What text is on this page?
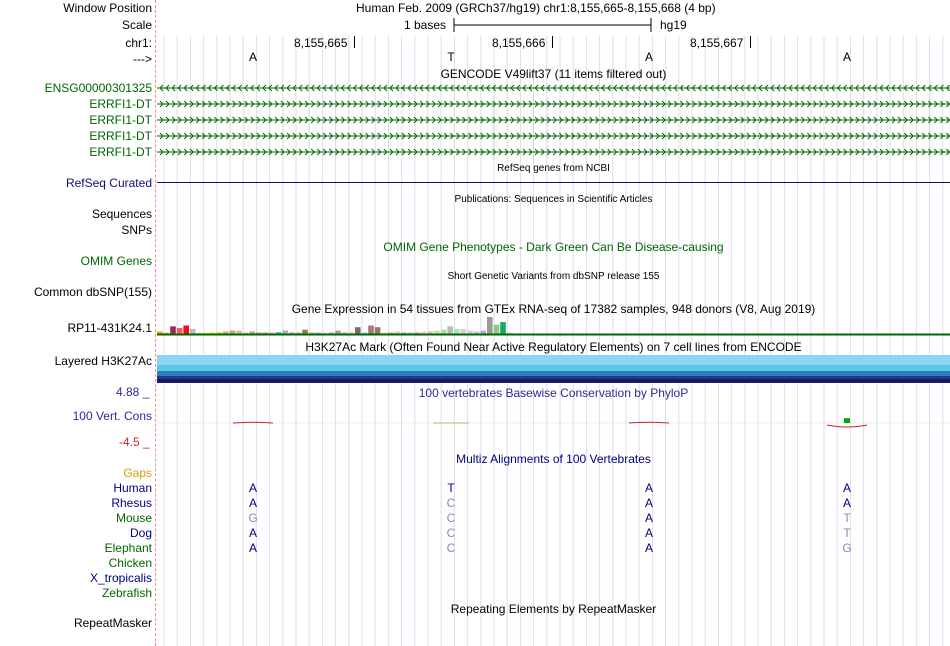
Window Position	Human Feb. 2009 (GRCh37/hg19) chr1:8,155,665-8,155,668 (4 bp)
Scale	1 bases	hg19
chr1:	8,155,665	8,155,666	8,155,667
--->	A	T	A	A
GENCODE V49lift37 (11 items filtered out)
ENSG00000301325
ERRFI1-DT
ERRFI1-DT
ERRFI1-DT
ERRFI1-DT
RefSeq genes from NCBI
RefSeq Curated
Publications: Sequences in Scientific Articles
Sequences
SNPs
OMIM Gene Phenotypes - Dark Green Can Be Disease-causing
OMIM Genes
Short Genetic Variants from dbSNP release 155
Common dbSNP(155)
Gene Expression in 54 tissues from GTEx RNA-seq of 17382 samples, 948 donors (V8, Aug 2019)
RP11-431K24.1
H3K27Ac Mark (Often Found Near Active Regulatory Elements) on 7 cell lines from ENCODE
Layered H3K27Ac
100 vertebrates Basewise Conservation by PhyloP
4.88 _
100 Vert. Cons
-4.5 _
Multiz Alignments of 100 Vertebrates
Gaps
Human	A	T	A	A
Rhesus	A	C	A	A
Mouse	G	C	A	T
Dog	A	C	A	T
Elephant	A	C	A	G
Chicken
X_tropicalis
Zebrafish
Repeating Elements by RepeatMasker
RepeatMasker
